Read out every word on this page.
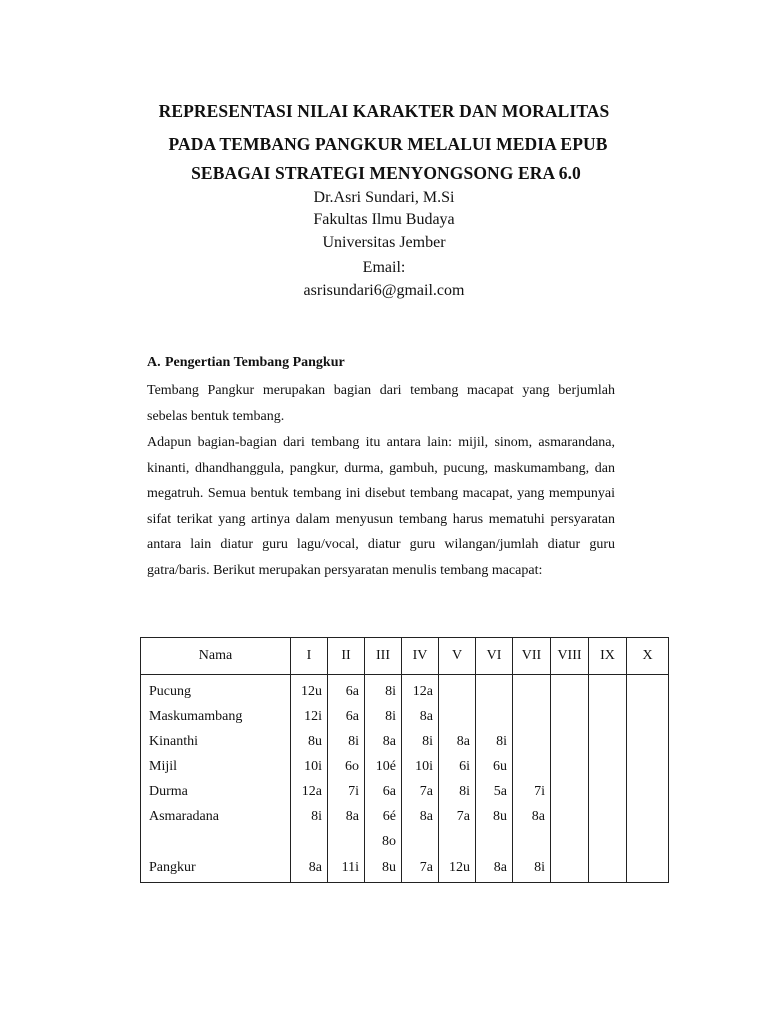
REPRESENTASI NILAI KARAKTER DAN MORALITAS
PADA TEMBANG PANGKUR MELALUI MEDIA EPUB
SEBAGAI STRATEGI MENYONGSONG ERA 6.0

Dr.Asri Sundari, M.Si

Fakultas Ilmu Budaya

Universitas Jember

Email:

asrisundari6@gmail.com

A. Pengertian Tembang Pangkur

Tembang Pangkur merupakan bagian dari tembang macapat yang berjumlah sebelas bentuk tembang.

Adapun bagian-bagian dari tembang itu antara lain: mijil, sinom, asmarandana, kinanti, dhandhanggula, pangkur, durma, gambuh, pucung, maskumambang, dan megatruh. Semua bentuk tembang ini disebut tembang macapat, yang mempunyai sifat terikat yang artinya dalam menyusun tembang harus mematuhi persyaratan antara lain diatur guru lagu/vocal, diatur guru wilangan/jumlah diatur guru gatra/baris. Berikut merupakan persyaratan menulis tembang macapat:

Nama	I	II	III	IV	V	VI	VII	VIII	IX	X
Pucung	12u	6a	8i	12a						
Maskumambang	12i	6a	8i	8a						
Kinanthi	8u	8i	8a	8i	8a	8i				
Mijil	10i	6o	10é	10i	6i	6u				
Durma	12a	7i	6a	7a	8i	5a	7i			
Asmaradana	8i	8a	6é	8a	7a	8u	8a			
			8o							
Pangkur	8a	11i	8u	7a	12u	8a	8i			
